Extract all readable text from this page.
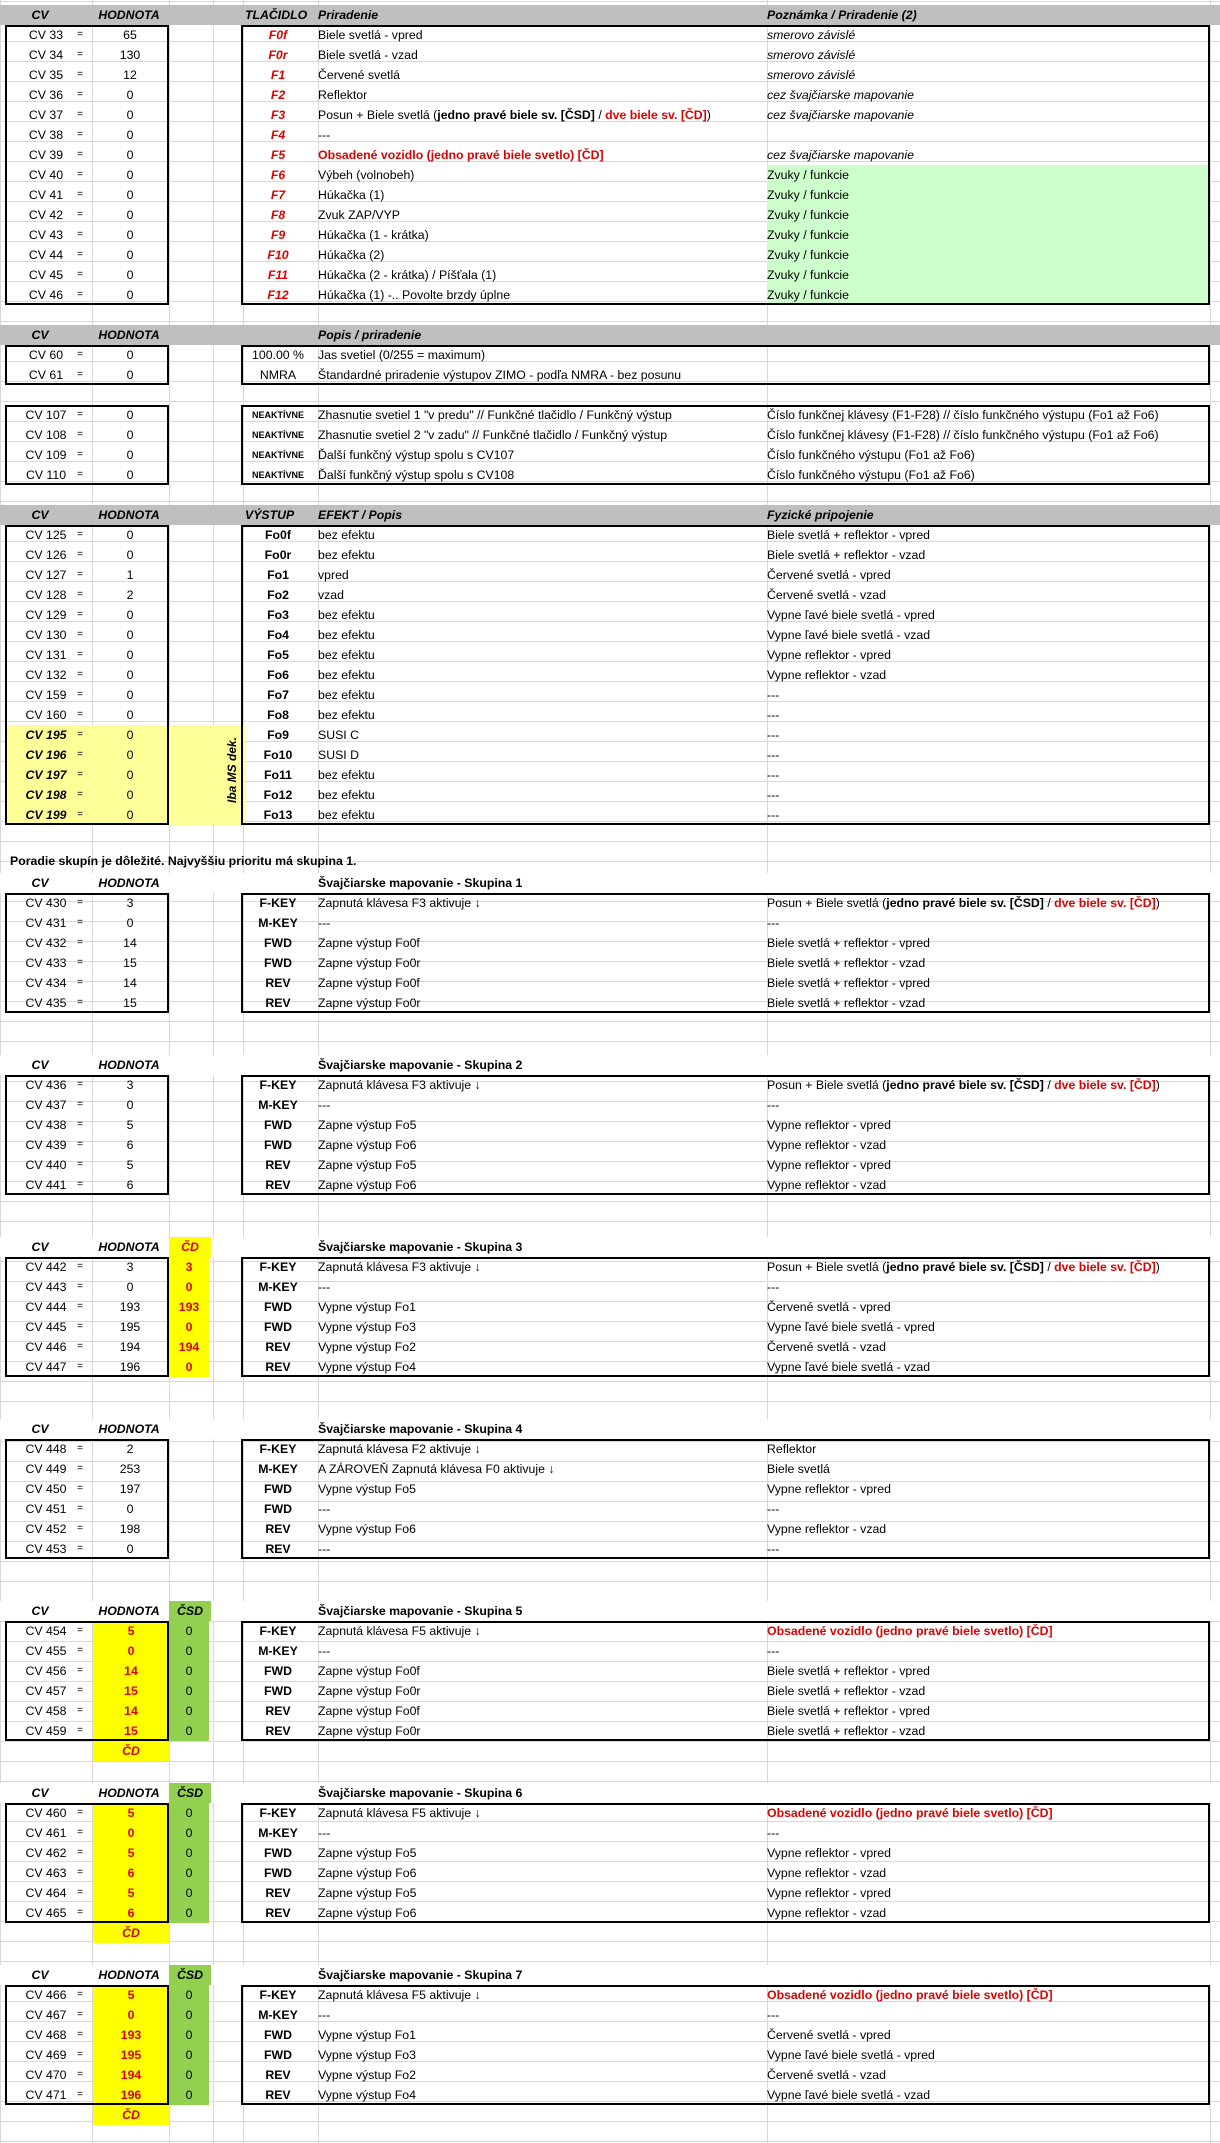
CV	HODNOTA	TLAČIDLO Priradenie	Poznámka / Priradenie (2)
CV 33	=	65	F0f	Biele svetlá - vpred	smerovo závislé
CV 34	=	130	F0r	Biele svetlá - vzad	smerovo závislé
CV 35	=	12	F1	Červené svetlá	smerovo závislé
CV 36	=	0	F2	Reflektor	cez švajčiarske mapovanie
CV 37	=	0	F3	Posun + Biele svetlá (jedno pravé biele sv. [ČSD] / dve biele sv. [ČD])	cez švajčiarske mapovanie
CV 38	=	0	F4	---
CV 39	=	0	F5	Obsadené vozidlo (jedno pravé biele svetlo) [ČD]	cez švajčiarske mapovanie
CV 40	=	0	F6	Výbeh (volnobeh)	Zvuky / funkcie
CV 41	=	0	F7	Húkačka (1)	Zvuky / funkcie
CV 42	=	0	F8	Zvuk ZAP/VYP	Zvuky / funkcie
CV 43	=	0	F9	Húkačka (1 - krátka)	Zvuky / funkcie
CV 44	=	0	F10	Húkačka (2)	Zvuky / funkcie
CV 45	=	0	F11	Húkačka (2 - krátka) / Píšťala (1)	Zvuky / funkcie
CV 46	=	0	F12	Húkačka (1) -.. Povolte brzdy úplne	Zvuky / funkcie
CV	HODNOTA	Popis / priradenie
CV 60	=	0	100.00 %	Jas svetiel (0/255 = maximum)
CV 61	=	0	NMRA	Štandardné priradenie výstupov ZIMO - podľa NMRA - bez posunu
CV 107	=	0	NEAKTÍVNE	Zhasnutie svetiel 1 "v predu" // Funkčné tlačidlo / Funkčný výstup	Číslo funkčnej klávesy (F1-F28) // číslo funkčného výstupu (Fo1 až Fo6)
CV 108	=	0	NEAKTÍVNE	Zhasnutie svetiel 2 "v zadu" // Funkčné tlačidlo / Funkčný výstup	Číslo funkčnej klávesy (F1-F28) // číslo funkčného výstupu (Fo1 až Fo6)
CV 109	=	0	NEAKTÍVNE	Ďalší funkčný výstup spolu s CV107	Číslo funkčného výstupu (Fo1 až Fo6)
CV 110	=	0	NEAKTÍVNE	Ďalší funkčný výstup spolu s CV108	Číslo funkčného výstupu (Fo1 až Fo6)
CV	HODNOTA	VÝSTUP EFEKT / Popis	Fyzické pripojenie
CV 125	=	0	Fo0f	bez efektu	Biele svetlá + reflektor - vpred
CV 126	=	0	Fo0r	bez efektu	Biele svetlá + reflektor - vzad
CV 127	=	1	Fo1	vpred	Červené svetlá - vpred
CV 128	=	2	Fo2	vzad	Červené svetlá - vzad
CV 129	=	0	Fo3	bez efektu	Vypne ľavé biele svetlá - vpred
CV 130	=	0	Fo4	bez efektu	Vypne ľavé biele svetlá - vzad
CV 131	=	0	Fo5	bez efektu	Vypne reflektor - vpred
CV 132	=	0	Fo6	bez efektu	Vypne reflektor - vzad
CV 159	=	0	Fo7	bez efektu	---
CV 160	=	0	Fo8	bez efektu	---
CV 195	=	0	Fo9	SUSI C	---
CV 196	=	0	Fo10	SUSI D	---
CV 197	=	0	Fo11	bez efektu	---
CV 198	=	0	Fo12	bez efektu	---
CV 199	=	0	Fo13	bez efektu	---
Iba MS dek.
Poradie skupín je dôležité. Najvyššiu prioritu má skupina 1.
CV	HODNOTA	Švajčiarske mapovanie - Skupina 1
CV 430	=	3	F-KEY	Zapnutá klávesa F3 aktivuje ↓	Posun + Biele svetlá (jedno pravé biele sv. [ČSD] / dve biele sv. [ČD])
CV 431	=	0	M-KEY	---	---
CV 432	=	14	FWD	Zapne výstup Fo0f	Biele svetlá + reflektor - vpred
CV 433	=	15	FWD	Zapne výstup Fo0r	Biele svetlá + reflektor - vzad
CV 434	=	14	REV	Zapne výstup Fo0f	Biele svetlá + reflektor - vpred
CV 435	=	15	REV	Zapne výstup Fo0r	Biele svetlá + reflektor - vzad
CV	HODNOTA	Švajčiarske mapovanie - Skupina 2
CV 436	=	3	F-KEY	Zapnutá klávesa F3 aktivuje ↓	Posun + Biele svetlá (jedno pravé biele sv. [ČSD] / dve biele sv. [ČD])
CV 437	=	0	M-KEY	---	---
CV 438	=	5	FWD	Zapne výstup Fo5	Vypne reflektor - vpred
CV 439	=	6	FWD	Zapne výstup Fo6	Vypne reflektor - vzad
CV 440	=	5	REV	Zapne výstup Fo5	Vypne reflektor - vpred
CV 441	=	6	REV	Zapne výstup Fo6	Vypne reflektor - vzad
CV	HODNOTA	ČD	Švajčiarske mapovanie - Skupina 3
CV 442	=	3	3	F-KEY	Zapnutá klávesa F3 aktivuje ↓	Posun + Biele svetlá (jedno pravé biele sv. [ČSD] / dve biele sv. [ČD])
CV 443	=	0	0	M-KEY	---	---
CV 444	=	193	193	FWD	Vypne výstup Fo1	Červené svetlá - vpred
CV 445	=	195	0	FWD	Vypne výstup Fo3	Vypne ľavé biele svetlá - vpred
CV 446	=	194	194	REV	Vypne výstup Fo2	Červené svetlá - vzad
CV 447	=	196	0	REV	Vypne výstup Fo4	Vypne ľavé biele svetlá - vzad
CV	HODNOTA	Švajčiarske mapovanie - Skupina 4
CV 448	=	2	F-KEY	Zapnutá klávesa F2 aktivuje ↓	Reflektor
CV 449	=	253	M-KEY	A ZÁROVEŇ Zapnutá klávesa F0 aktivuje ↓	Biele svetlá
CV 450	=	197	FWD	Vypne výstup Fo5	Vypne reflektor - vpred
CV 451	=	0	FWD	---	---
CV 452	=	198	REV	Vypne výstup Fo6	Vypne reflektor - vzad
CV 453	=	0	REV	---	---
CV	HODNOTA	ČSD	Švajčiarske mapovanie - Skupina 5
CV 454	=	5	0	F-KEY	Zapnutá klávesa F5 aktivuje ↓	Obsadené vozidlo (jedno pravé biele svetlo) [ČD]
CV 455	=	0	0	M-KEY	---	---
CV 456	=	14	0	FWD	Zapne výstup Fo0f	Biele svetlá + reflektor - vpred
CV 457	=	15	0	FWD	Zapne výstup Fo0r	Biele svetlá + reflektor - vzad
CV 458	=	14	0	REV	Zapne výstup Fo0f	Biele svetlá + reflektor - vpred
CV 459	=	15	0	REV	Zapne výstup Fo0r	Biele svetlá + reflektor - vzad
ČD
CV	HODNOTA	ČSD	Švajčiarske mapovanie - Skupina 6
CV 460	=	5	0	F-KEY	Zapnutá klávesa F5 aktivuje ↓	Obsadené vozidlo (jedno pravé biele svetlo) [ČD]
CV 461	=	0	0	M-KEY	---	---
CV 462	=	5	0	FWD	Zapne výstup Fo5	Vypne reflektor - vpred
CV 463	=	6	0	FWD	Zapne výstup Fo6	Vypne reflektor - vzad
CV 464	=	5	0	REV	Zapne výstup Fo5	Vypne reflektor - vpred
CV 465	=	6	0	REV	Zapne výstup Fo6	Vypne reflektor - vzad
ČD
CV	HODNOTA	ČSD	Švajčiarske mapovanie - Skupina 7
CV 466	=	5	0	F-KEY	Zapnutá klávesa F5 aktivuje ↓	Obsadené vozidlo (jedno pravé biele svetlo) [ČD]
CV 467	=	0	0	M-KEY	---	---
CV 468	=	193	0	FWD	Vypne výstup Fo1	Červené svetlá - vpred
CV 469	=	195	0	FWD	Vypne výstup Fo3	Vypne ľavé biele svetlá - vpred
CV 470	=	194	0	REV	Vypne výstup Fo2	Červené svetlá - vzad
CV 471	=	196	0	REV	Vypne výstup Fo4	Vypne ľavé biele svetlá - vzad
ČD
